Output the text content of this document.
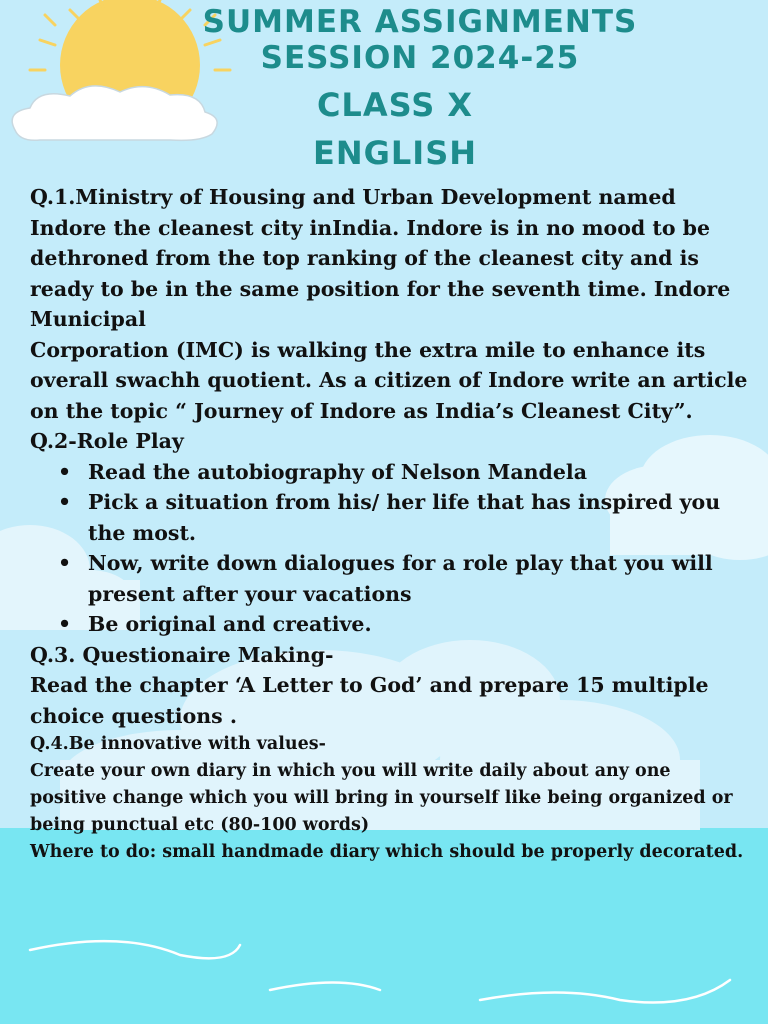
SUMMER ASSIGNMENTS
SESSION 2024-25
CLASS X
ENGLISH

Q.1.Ministry of Housing and Urban Development named Indore the cleanest city inIndia. Indore is in no mood to be dethroned from the top ranking of the cleanest city and is ready to be in the same position for the seventh time. Indore Municipal

Corporation (IMC) is walking the extra mile to enhance its overall swachh quotient. As a citizen of Indore write an article on the topic “ Journey of Indore as India’s Cleanest City”.

Q.2-Role Play

• Read the autobiography of Nelson Mandela
• Pick a situation from his/ her life that has inspired you the most.
• Now, write down dialogues for a role play that you will present after your vacations
• Be original and creative.

Q.3. Questionaire Making-

Read the chapter ‘A Letter to God’ and prepare 15 multiple choice questions .

Q.4.Be innovative with values-

Create your own diary in which you will write daily about any one positive change which you will bring in yourself like being organized or being punctual etc (80-100 words)

Where to do: small handmade diary which should be properly decorated.
